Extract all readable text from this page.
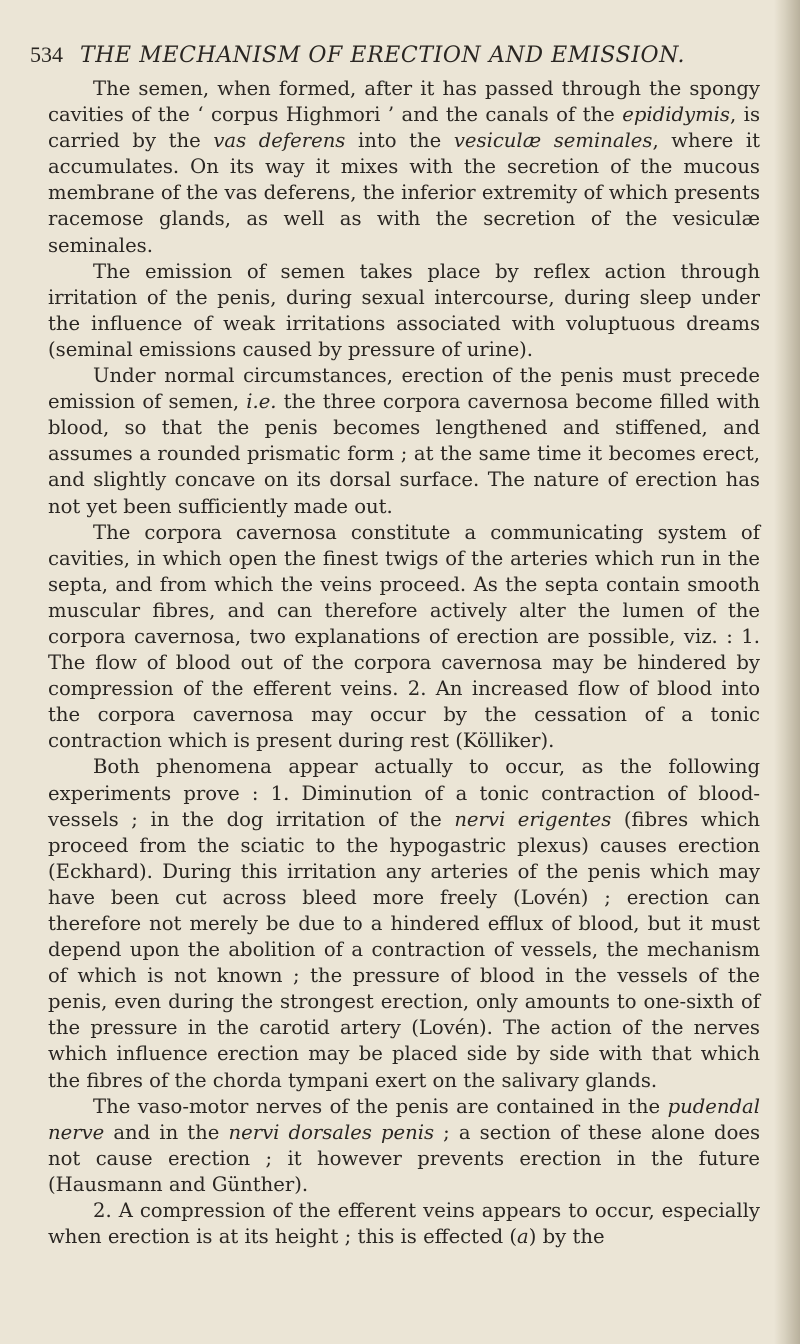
534 THE MECHANISM OF ERECTION AND EMISSION.

The semen, when formed, after it has passed through the spongy cavities of the ‘ corpus Highmori ’ and the canals of the epididymis, is carried by the vas deferens into the vesiculæ seminales, where it accumulates. On its way it mixes with the secretion of the mucous membrane of the vas deferens, the inferior extremity of which presents racemose glands, as well as with the secretion of the vesiculæ seminales.

The emission of semen takes place by reflex action through irritation of the penis, during sexual intercourse, during sleep under the influence of weak irritations associated with voluptuous dreams (seminal emissions caused by pressure of urine).

Under normal circumstances, erection of the penis must precede emission of semen, i.e. the three corpora cavernosa become filled with blood, so that the penis becomes lengthened and stiffened, and assumes a rounded prismatic form ; at the same time it becomes erect, and slightly concave on its dorsal surface. The nature of erection has not yet been sufficiently made out.

The corpora cavernosa constitute a communicating system of cavities, in which open the finest twigs of the arteries which run in the septa, and from which the veins proceed. As the septa contain smooth muscular fibres, and can therefore actively alter the lumen of the corpora cavernosa, two explanations of erection are possible, viz. : 1. The flow of blood out of the corpora cavernosa may be hindered by compression of the efferent veins. 2. An increased flow of blood into the corpora cavernosa may occur by the cessation of a tonic contraction which is present during rest (Kölliker).

Both phenomena appear actually to occur, as the following experiments prove : 1. Diminution of a tonic contraction of blood-vessels ; in the dog irritation of the nervi erigentes (fibres which proceed from the sciatic to the hypogastric plexus) causes erection (Eckhard). During this irritation any arteries of the penis which may have been cut across bleed more freely (Lovén) ; erection can therefore not merely be due to a hindered efflux of blood, but it must depend upon the abolition of a contraction of vessels, the mechanism of which is not known ; the pressure of blood in the vessels of the penis, even during the strongest erection, only amounts to one-sixth of the pressure in the carotid artery (Lovén). The action of the nerves which influence erection may be placed side by side with that which the fibres of the chorda tympani exert on the salivary glands.

The vaso-motor nerves of the penis are contained in the pudendal nerve and in the nervi dorsales penis ; a section of these alone does not cause erection ; it however prevents erection in the future (Hausmann and Günther).

2. A compression of the efferent veins appears to occur, especially when erection is at its height ; this is effected (a) by the
